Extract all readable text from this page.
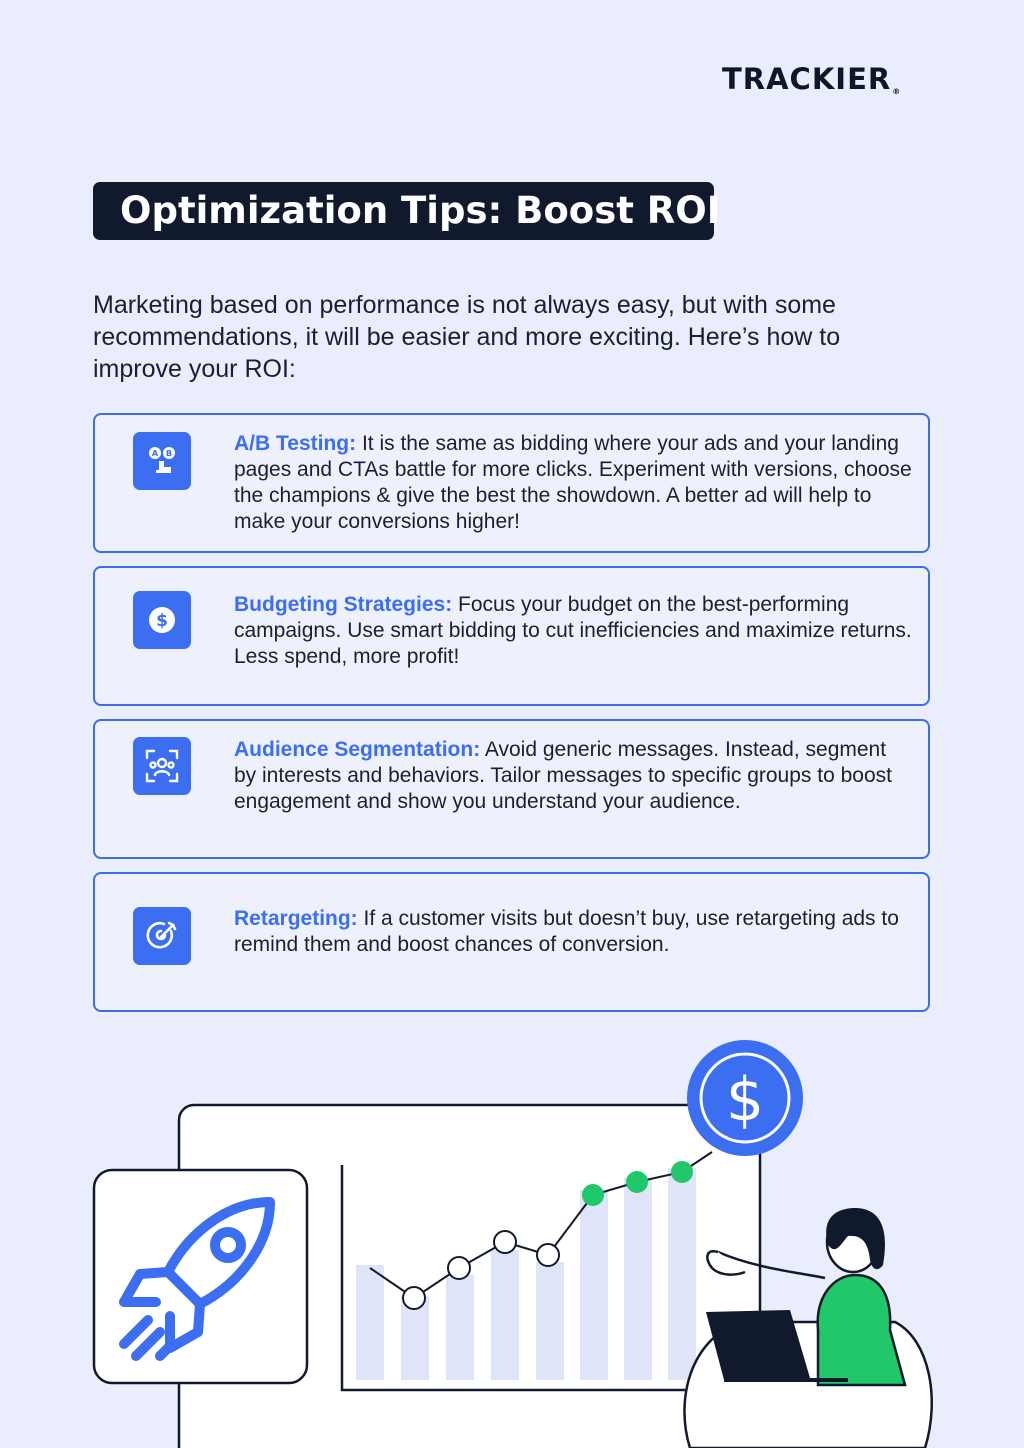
TRACKIER®
Optimization Tips: Boost ROI
Marketing based on performance is not always easy, but with some recommendations, it will be easier and more exciting. Here’s how to improve your ROI:
A B	A/B Testing: It is the same as bidding where your ads and your landing pages and CTAs battle for more clicks. Experiment with versions, choose the champions & give the best the showdown. A better ad will help to make your conversions higher!
$
Budgeting Strategies: Focus your budget on the best-performing campaigns. Use smart bidding to cut inefficiencies and maximize returns. Less spend, more profit!
Audience Segmentation: Avoid generic messages. Instead, segment by interests and behaviors. Tailor messages to specific groups to boost engagement and show you understand your audience.
Retargeting: If a customer visits but doesn’t buy, use retargeting ads to remind them and boost chances of conversion.
$
